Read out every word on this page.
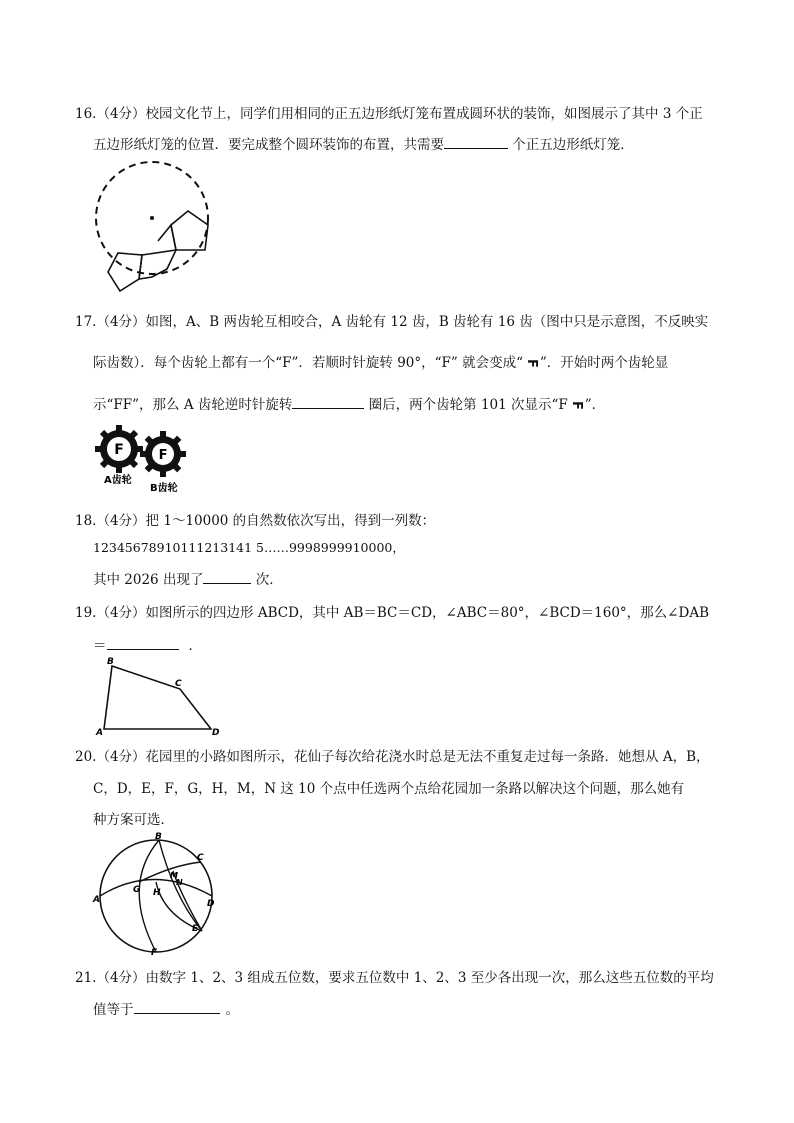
16.（4分）校园文化节上，同学们用相同的正五边形纸灯笼布置成圆环状的装饰，如图展示了其中 3 个正
五边形纸灯笼的位置．要完成整个圆环装饰的布置，共需要	个正五边形纸灯笼．
17.（4分）如图，A、B 两齿轮互相咬合，A 齿轮有 12 齿，B 齿轮有 16 齿（图中只是示意图，不反映实
际齿数）．每个齿轮上都有一个“F”．若顺时针旋转 90°，“F” 就会变成“F”．开始时两个齿轮显
示“FF”，那么 A 齿轮逆时针旋转	圈后，两个齿轮第 101 次显示“FF”．
F	F
A齿轮
B齿轮
18.（4分）把 1～10000 的自然数依次写出，得到一列数：
12345678910111213141 5……9998999910000，
其中 2026 出现了	次．
19.（4分）如图所示的四边形 ABCD，其中 AB＝BC＝CD，∠ABC＝80°，∠BCD＝160°，那么∠DAB
＝	．
A
B
C
D
20.（4分）花园里的小路如图所示，花仙子每次给花浇水时总是无法不重复走过每一条路．她想从 A，B，
C，D，E，F，G，H，M，N 这 10 个点中任选两个点给花园加一条路以解决这个问题，那么她有
种方案可选．
A
B
C
D
E
F
G H
M
N
21.（4分）由数字 1、2、3 组成五位数，要求五位数中 1、2、3 至少各出现一次，那么这些五位数的平均
值等于	。
